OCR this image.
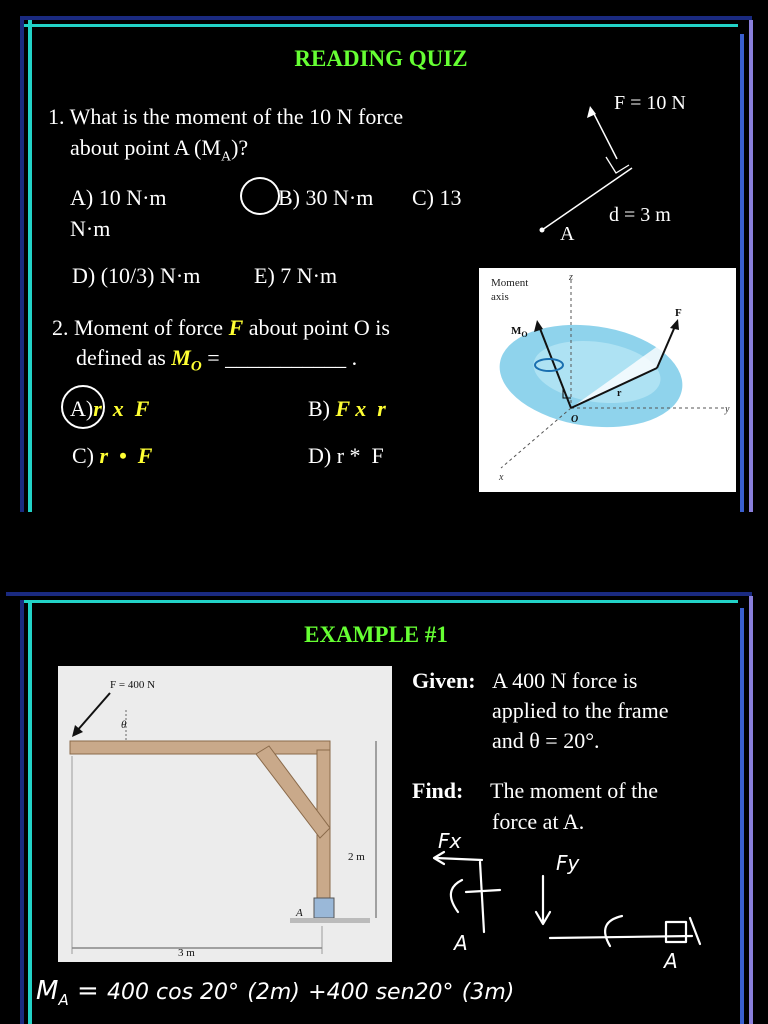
READING QUIZ
1. What is the moment of the 10 N force
about point A $(M_A)$?
A) 10 N·m	B) 30 N·m C) 13
N·m
D) (10/3) N·m E) 7 N·m
F = 10 N
d = 3 m
A
2. Moment of force F about point O is
defined as $M_O$ = ___________ .
A)r  x  F	B) F x  r
C) r  •  F	D) r *  F
Moment
axis
$M_O$
z
y
x
O
r
F
EXAMPLE #1
F = 400 N
θ
2 m
3 m
A
Given: A 400 N force is
applied to the frame
and θ = 20°.
Find: The moment of the
force at A.
Fx
A
Fy
A
$M_A = 400$ cos 20° (2m) +400 sen20° (3m)
